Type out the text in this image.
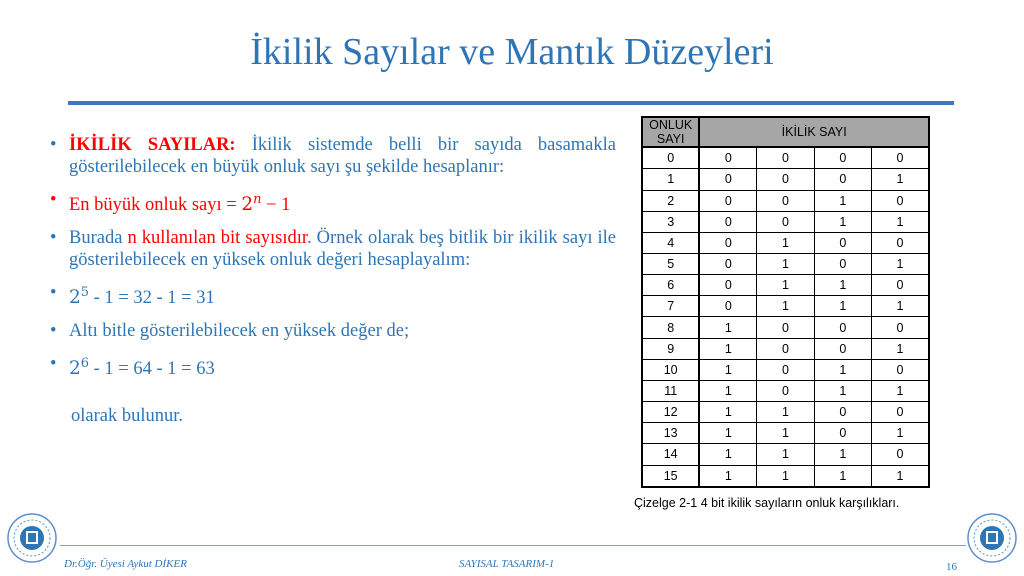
İkilik Sayılar ve Mantık Düzeyleri
• İKİLİK SAYILAR: İkilik sistemde belli bir sayıda basamakla gösterilebilecek en büyük onluk sayı şu şekilde hesaplanır:
• En büyük onluk sayı = $2^n - 1$
• Burada n kullanılan bit sayısıdır. Örnek olarak beş bitlik bir ikilik sayı ile gösterilebilecek en yüksek onluk değeri hesaplayalım:
• $2^5 - 1 = 32 - 1 = 31$
• Altı bitle gösterilebilecek en yüksek değer de;
• $2^6 - 1 = 64 - 1 = 63$
olarak bulunur.
ONLUK SAYI	İKİLİK SAYI			
0	0	0	0	0
1	0	0	0	1
2	0	0	1	0
3	0	0	1	1
4	0	1	0	0
5	0	1	0	1
6	0	1	1	0
7	0	1	1	1
8	1	0	0	0
9	1	0	0	1
10	1	0	1	0
11	1	0	1	1
12	1	1	0	0
13	1	1	0	1
14	1	1	1	0
15	1	1	1	1
Çizelge 2-1 4 bit ikilik sayıların onluk karşılıkları.
Dr.Öğr. Üyesi Aykut DİKER	SAYISAL TASARIM-1	16
